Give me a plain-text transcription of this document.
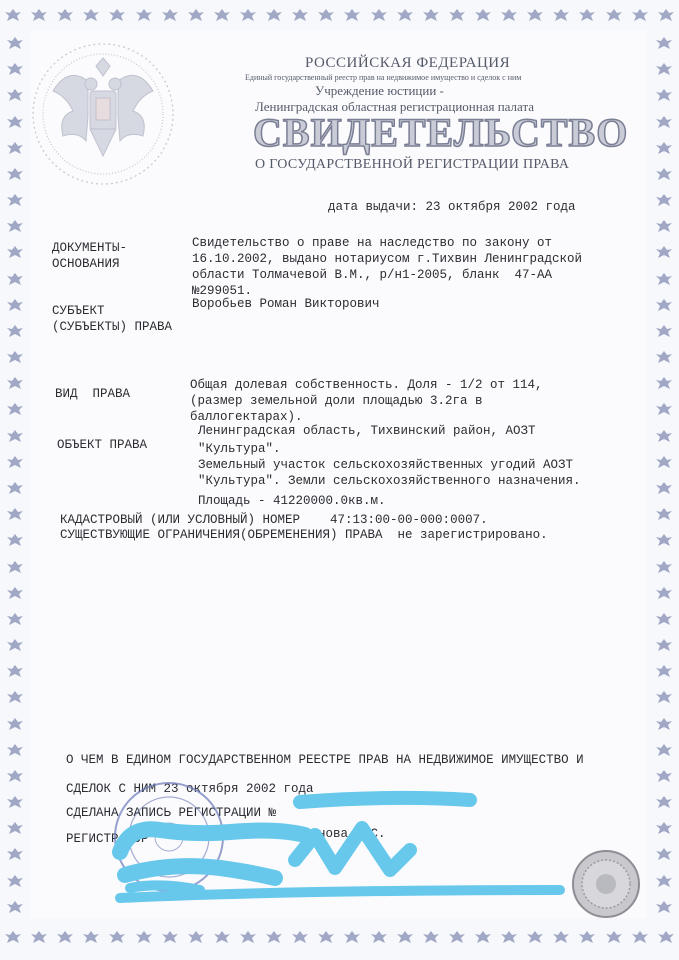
РОССИЙСКАЯ ФЕДЕРАЦИЯ
Единый государственный реестр прав на недвижимое имущество и сделок с ним
Учреждение юстиции -
Ленинградская областная регистрационная палата
СВИДЕТЕЛЬСТВО
О ГОСУДАРСТВЕННОЙ РЕГИСТРАЦИИ ПРАВА
дата выдачи: 23 октября 2002 года
ДОКУМЕНТЫ-
ОСНОВАНИЯ
Свидетельство о праве на наследство по закону от
16.10.2002, выдано нотариусом г.Тихвин Ленинградской
области Толмачевой В.М., р/н1-2005, бланк  47-АА
№299051.
СУБЪЕКТ
(СУБЪЕКТЫ) ПРАВА
Воробьев Роман Викторович
ВИД  ПРАВА
Общая долевая собственность. Доля - 1/2 от 114,
(размер земельной доли площадью 3.2га в
баллогектарах).
ОБЪЕКТ ПРАВА
Ленинградская область, Тихвинский район, АОЗТ
"Культура".
Земельный участок сельскохозяйственных угодий АОЗТ
"Культура". Земли сельскохозяйственного назначения.
Площадь - 41220000.0кв.м.
КАДАСТРОВЫЙ (ИЛИ УСЛОВНЫЙ) НОМЕР    47:13:00-00-000:0007.
СУЩЕСТВУЮЩИЕ ОГРАНИЧЕНИЯ(ОБРЕМЕНЕНИЯ) ПРАВА  не зарегистрировано.
О ЧЕМ В ЕДИНОМ ГОСУДАРСТВЕННОМ РЕЕСТРЕ ПРАВ НА НЕДВИЖИМОЕ ИМУЩЕСТВО И
СДЕЛОК С НИМ 23 октября 2002 года
СДЕЛАНА ЗАПИСЬ РЕГИСТРАЦИИ №
РЕГИСТРАТОР	нова Ж.С.
